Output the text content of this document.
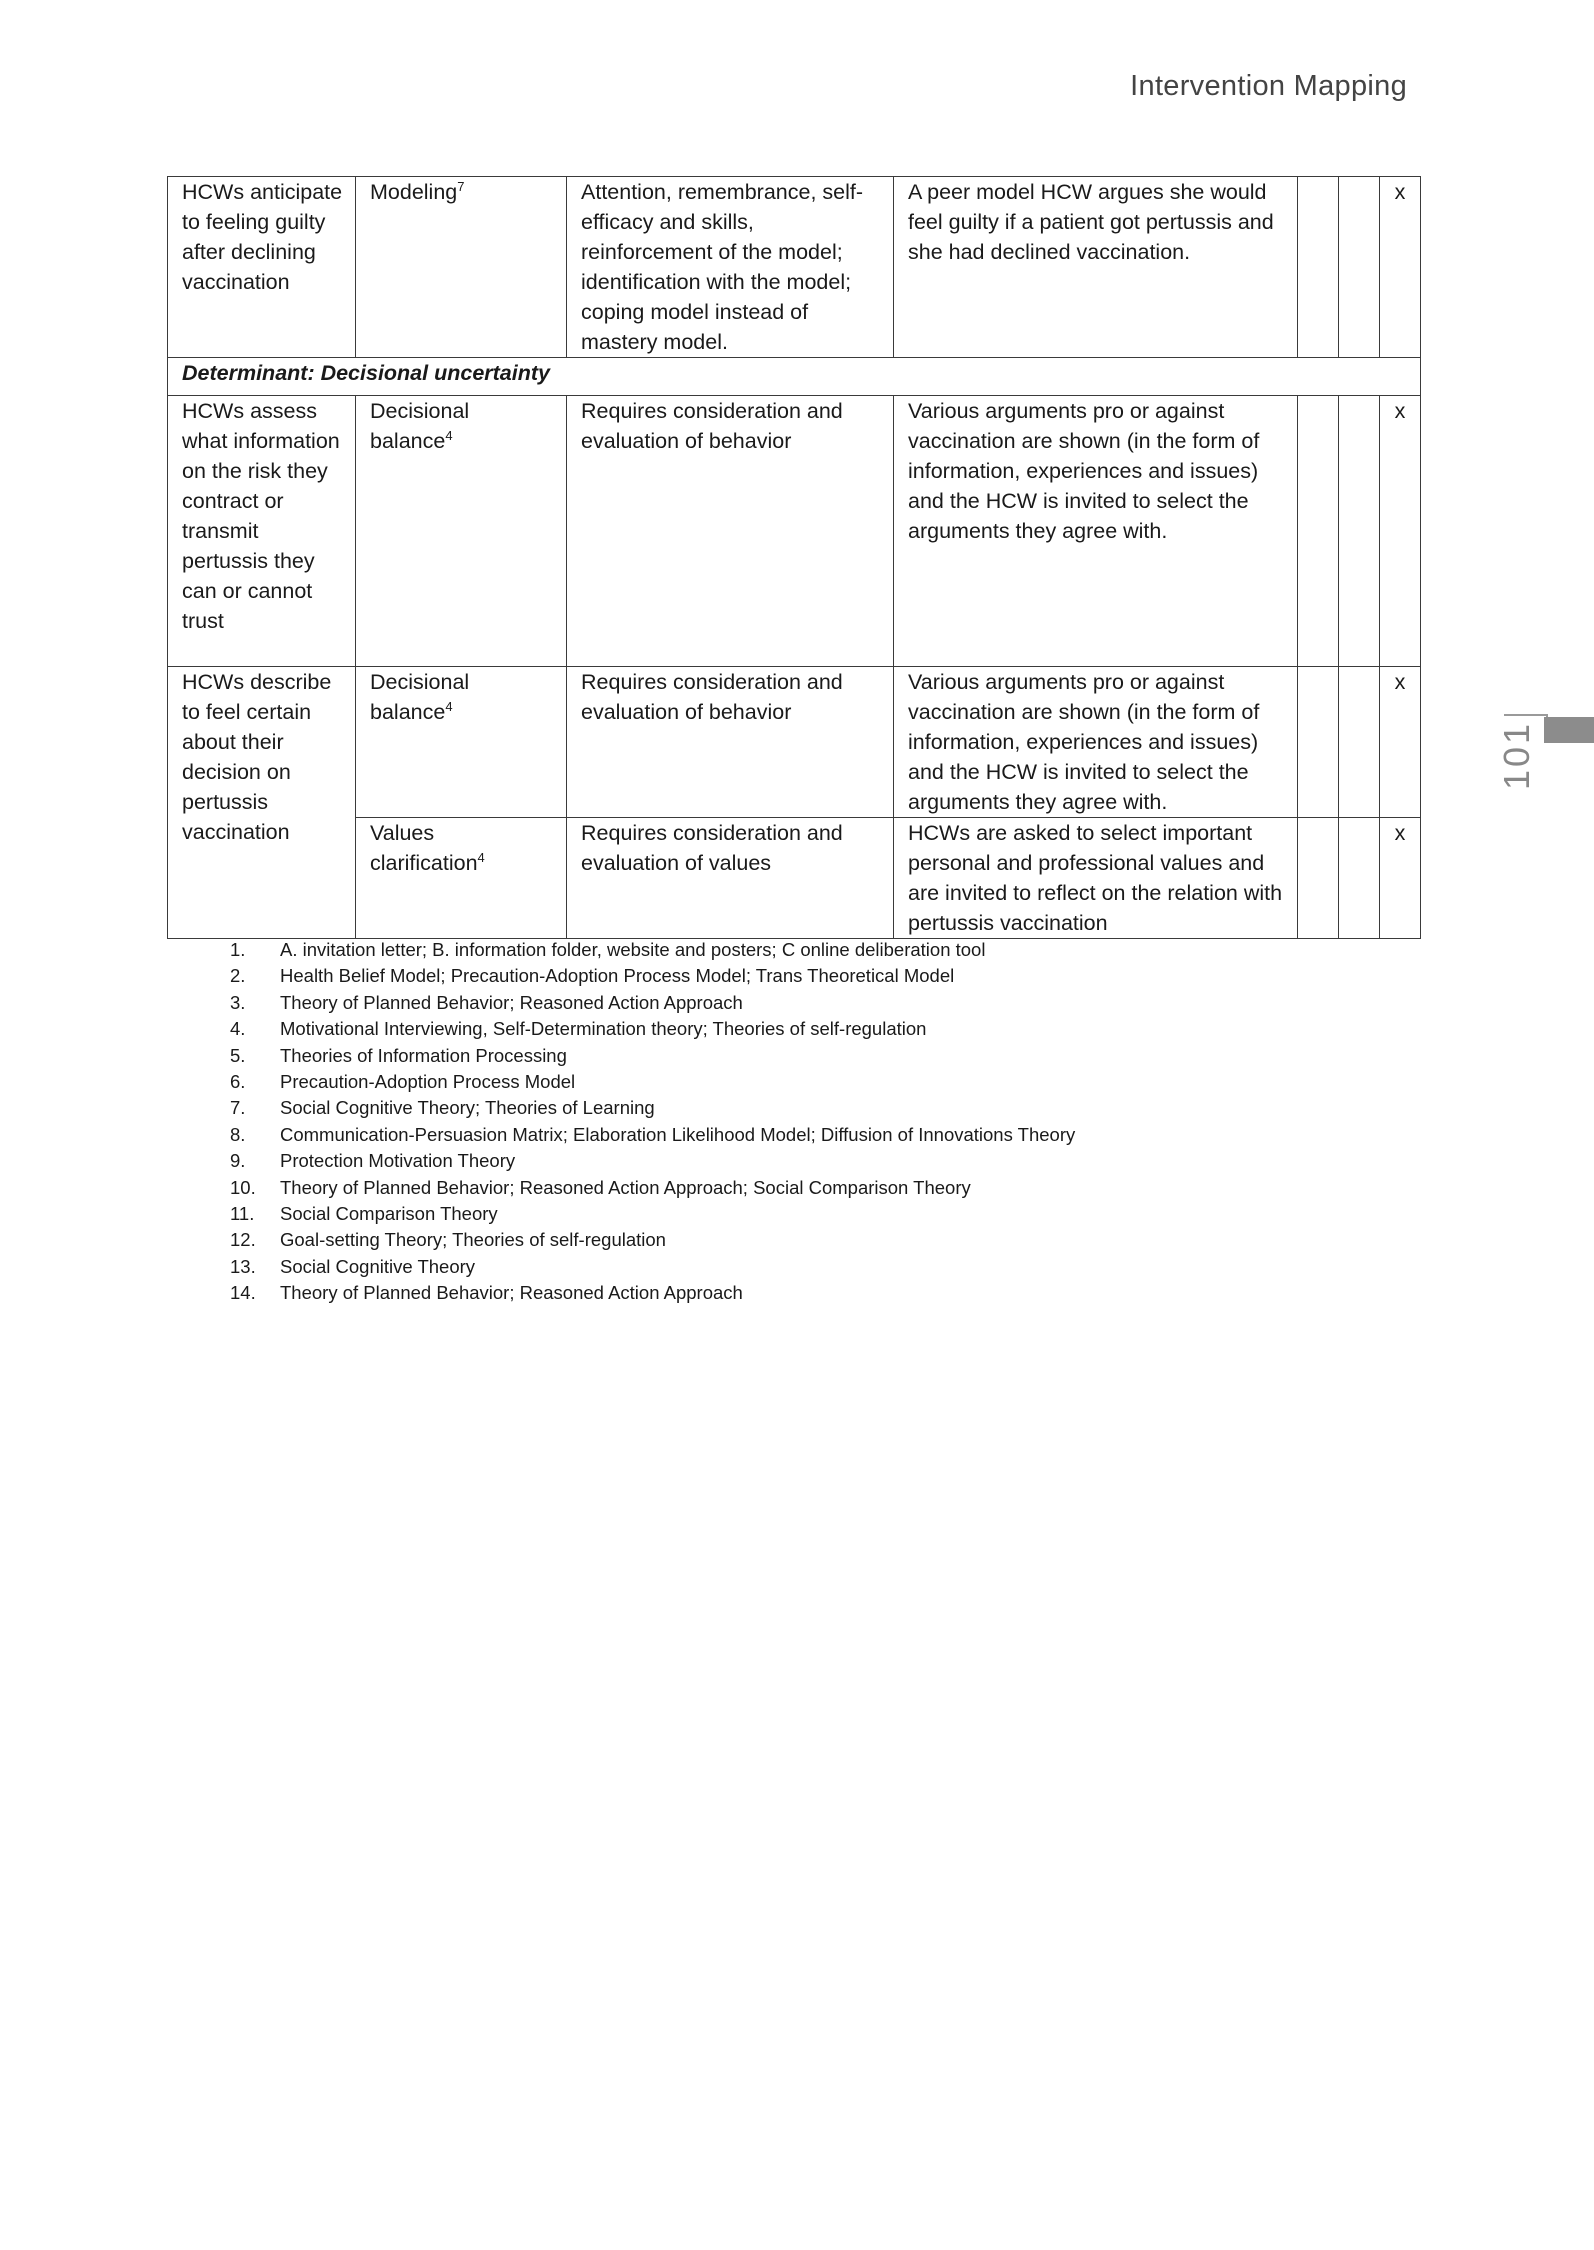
Intervention Mapping
101
HCWs anticipate to feeling guilty after declining vaccination	Modeling$^7$	Attention, remembrance, self-efficacy and skills, reinforcement of the model; identification with the model; coping model instead of mastery model.	A peer model HCW argues she would feel guilty if a patient got pertussis and she had declined vaccination.			x
Determinant: Decisional uncertainty						
HCWs assess what information on the risk they contract or transmit pertussis they can or cannot trust	Decisional balance$^4$	Requires consideration and evaluation of behavior	Various arguments pro or against vaccination are shown (in the form of information, experiences and issues) and the HCW is invited to select the arguments they agree with.			x
HCWs describe to feel certain about their decision on pertussis vaccination	Decisional balance$^4$	Requires consideration and evaluation of behavior	Various arguments pro or against vaccination are shown (in the form of information, experiences and issues) and the HCW is invited to select the arguments they agree with.			x
	Values clarification$^4$	Requires consideration and evaluation of values	HCWs are asked to select important personal and professional values and are invited to reflect on the relation with pertussis vaccination			x
1.	A. invitation letter; B. information folder, website and posters; C online deliberation tool
2.	Health Belief Model; Precaution-Adoption Process Model; Trans Theoretical Model
3.	Theory of Planned Behavior; Reasoned Action Approach
4.	Motivational Interviewing, Self-Determination theory; Theories of self-regulation
5.	Theories of Information Processing
6.	Precaution-Adoption Process Model
7.	Social Cognitive Theory; Theories of Learning
8.	Communication-Persuasion Matrix; Elaboration Likelihood Model; Diffusion of Innovations Theory
9.	Protection Motivation Theory
10.	Theory of Planned Behavior; Reasoned Action Approach; Social Comparison Theory
11.	Social Comparison Theory
12.	Goal-setting Theory; Theories of self-regulation
13.	Social Cognitive Theory
14.	Theory of Planned Behavior; Reasoned Action Approach
